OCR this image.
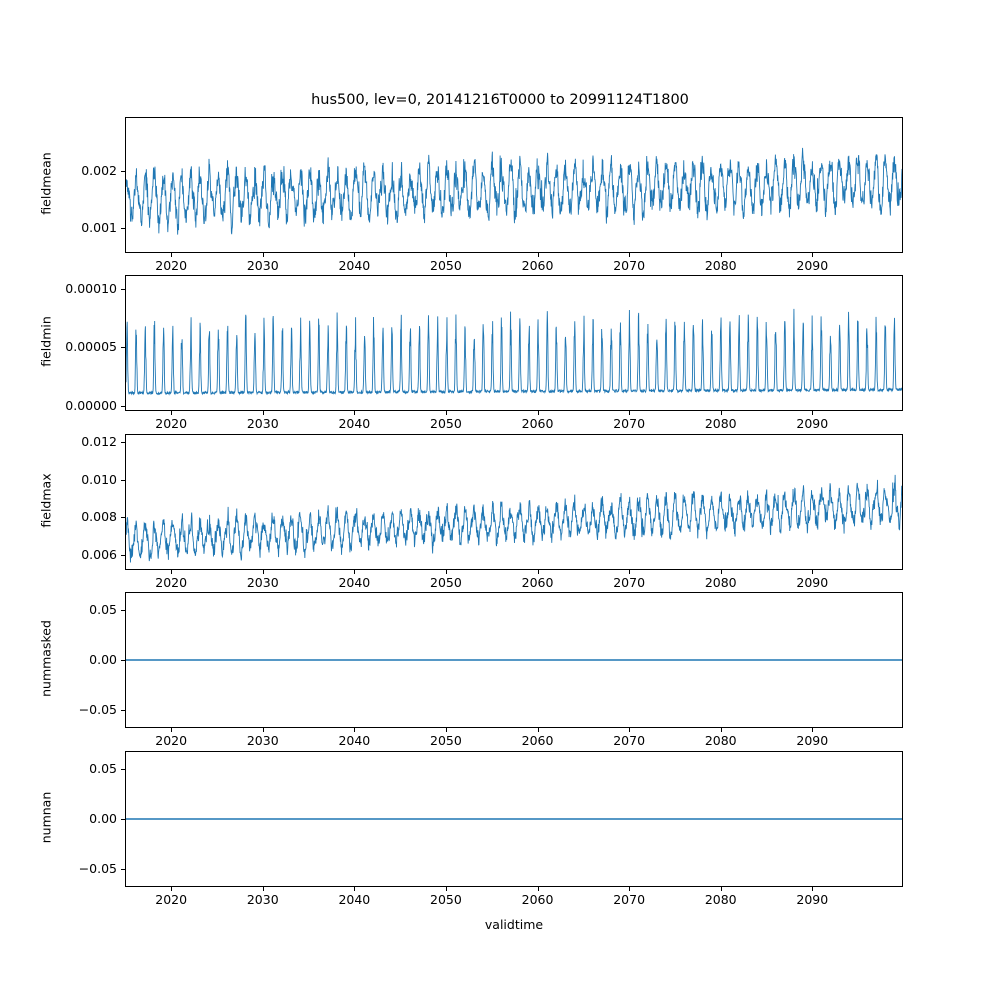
hus500, lev=0, 20141216T0000 to 20991124T1800
fieldmean
0.001
0.002
2020	2030	2040	2050	2060	2070	2080	2090
fieldmin
0.00000
0.00005
0.00010
2020	2030	2040	2050	2060	2070	2080	2090
fieldmax
0.006
0.008
0.010
0.012
2020	2030	2040	2050	2060	2070	2080	2090
nummasked
−0.05
0.00
0.05
2020	2030	2040	2050	2060	2070	2080	2090
numnan
−0.05
0.00
0.05
2020	2030	2040	2050	2060	2070	2080	2090
validtime
